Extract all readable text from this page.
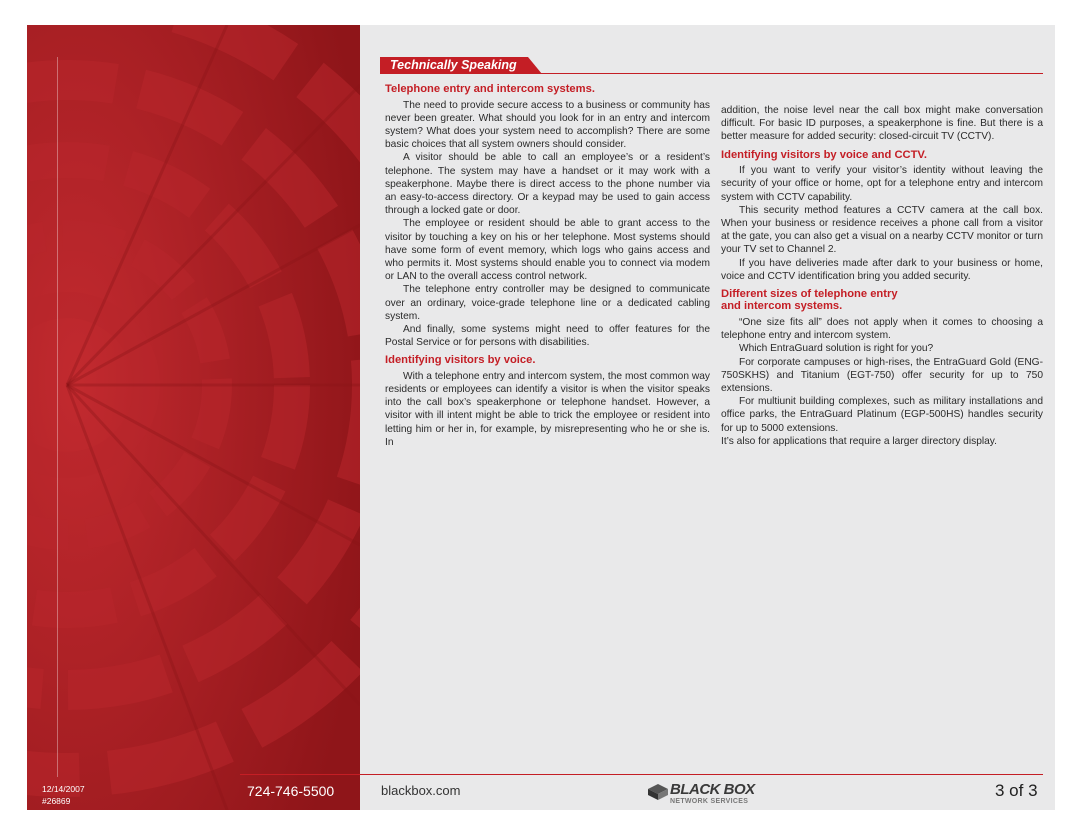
Technically Speaking
Telephone entry and intercom systems.

The need to provide secure access to a business or community has never been greater. What should you look for in an entry and intercom system? What does your system need to accomplish? There are some basic choices that all system owners should consider.

A visitor should be able to call an employee’s or a resident’s telephone. The system may have a handset or it may work with a speakerphone. Maybe there is direct access to the phone number via an easy-to-access directory. Or a keypad may be used to gain access through a locked gate or door.

The employee or resident should be able to grant access to the visitor by touching a key on his or her telephone. Most systems should have some form of event memory, which logs who gains access and who permits it. Most systems should enable you to connect via modem or LAN to the overall access control network.

The telephone entry controller may be designed to communicate over an ordinary, voice-grade telephone line or a dedicated cabling system.

And finally, some systems might need to offer features for the Postal Service or for persons with disabilities.

Identifying visitors by voice.

With a telephone entry and intercom system, the most common way residents or employees can identify a visitor is when the visitor speaks into the call box’s speakerphone or telephone handset. However, a visitor with ill intent might be able to trick the employee or resident into letting him or her in, for example, by misrepresenting who he or she is. In

addition, the noise level near the call box might make conversation difficult. For basic ID purposes, a speakerphone is fine. But there is a better measure for added security: closed-circuit TV (CCTV).

Identifying visitors by voice and CCTV.

If you want to verify your visitor’s identity without leaving the security of your office or home, opt for a telephone entry and intercom system with CCTV capability.

This security method features a CCTV camera at the call box. When your business or residence receives a phone call from a visitor at the gate, you can also get a visual on a nearby CCTV monitor or turn your TV set to Channel 2.

If you have deliveries made after dark to your business or home, voice and CCTV identification bring you added security.

Different sizes of telephone entry
and intercom systems.

“One size fits all” does not apply when it comes to choosing a telephone entry and intercom system.

Which EntraGuard solution is right for you?

For corporate campuses or high-rises, the EntraGuard Gold (ENG-750SKHS) and Titanium (EGT-750) offer security for up to 750 extensions.

For multiunit building complexes, such as military installations and office parks, the EntraGuard Platinum (EGP-500HS) handles security for up to 5000 extensions.

It’s also for applications that require a larger directory display.

12/14/2007
#26869
724-746-5500	blackbox.com	BLACK BOX
NETWORK SERVICES
3 of 3
